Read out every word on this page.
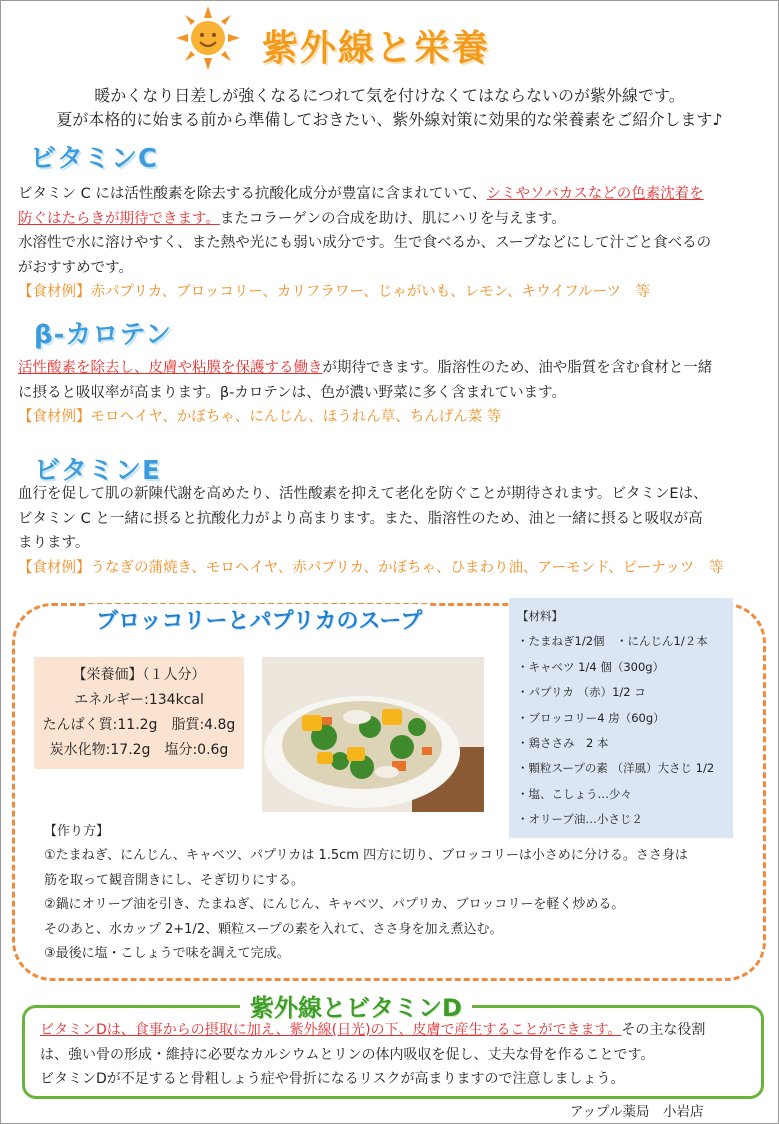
紫外線と栄養
暖かくなり日差しが強くなるにつれて気を付けなくてはならないのが紫外線です。
夏が本格的に始まる前から準備しておきたい、紫外線対策に効果的な栄養素をご紹介します♪
ビタミンC
ビタミン C には活性酸素を除去する抗酸化成分が豊富に含まれていて、シミやソバカスなどの色素沈着を
防ぐはたらきが期待できます。またコラーゲンの合成を助け、肌にハリを与えます。
水溶性で水に溶けやすく、また熱や光にも弱い成分です。生で食べるか、スープなどにして汁ごと食べるの
がおすすめです。
【食材例】赤パプリカ、ブロッコリー、カリフラワー、じゃがいも、レモン、キウイフルーツ　等
β-カロテン
活性酸素を除去し、皮膚や粘膜を保護する働きが期待できます。脂溶性のため、油や脂質を含む食材と一緒
に摂ると吸収率が高まります。β-カロテンは、色が濃い野菜に多く含まれています。
【食材例】モロヘイヤ、かぼちゃ、にんじん、ほうれん草、ちんげん菜 等
ビタミンE
血行を促して肌の新陳代謝を高めたり、活性酸素を抑えて老化を防ぐことが期待されます。ビタミンEは、
ビタミン C と一緒に摂ると抗酸化力がより高まります。また、脂溶性のため、油と一緒に摂ると吸収が高
まります。
【食材例】うなぎの蒲焼き、モロヘイヤ、赤パプリカ、かぼちゃ、ひまわり油、アーモンド、ピーナッツ　等
ブロッコリーとパプリカのスープ
【栄養価】（１人分）
エネルギー:134kcal
たんぱく質:11.2g　脂質:4.8g
炭水化物:17.2g　塩分:0.6g
【材料】
・たまねぎ1/2個　・にんじん1/２本
・キャベツ 1/4 個（300g）
・パプリカ （赤）1/2 コ
・ブロッコリー4 房（60g）
・鶏ささみ　2 本
・顆粒スープの素 （洋風）大さじ 1/2
・塩、こしょう…少々
・オリーブ油…小さじ２
【作り方】
①たまねぎ、にんじん、キャベツ、パプリカは 1.5cm 四方に切り、ブロッコリーは小さめに分ける。ささ身は
筋を取って観音開きにし、そぎ切りにする。
②鍋にオリーブ油を引き、たまねぎ、にんじん、キャベツ、パプリカ、ブロッコリーを軽く炒める。
そのあと、水カップ 2+1/2、顆粒スープの素を入れて、ささ身を加え煮込む。
③最後に塩・こしょうで味を調えて完成。
紫外線とビタミンD
ビタミンDは、食事からの摂取に加え、紫外線(日光)の下、皮膚で産生することができます。その主な役割
は、強い骨の形成・維持に必要なカルシウムとリンの体内吸収を促し、丈夫な骨を作ることです。
ビタミンDが不足すると骨粗しょう症や骨折になるリスクが高まりますので注意しましょう。
アップル薬局　小岩店
